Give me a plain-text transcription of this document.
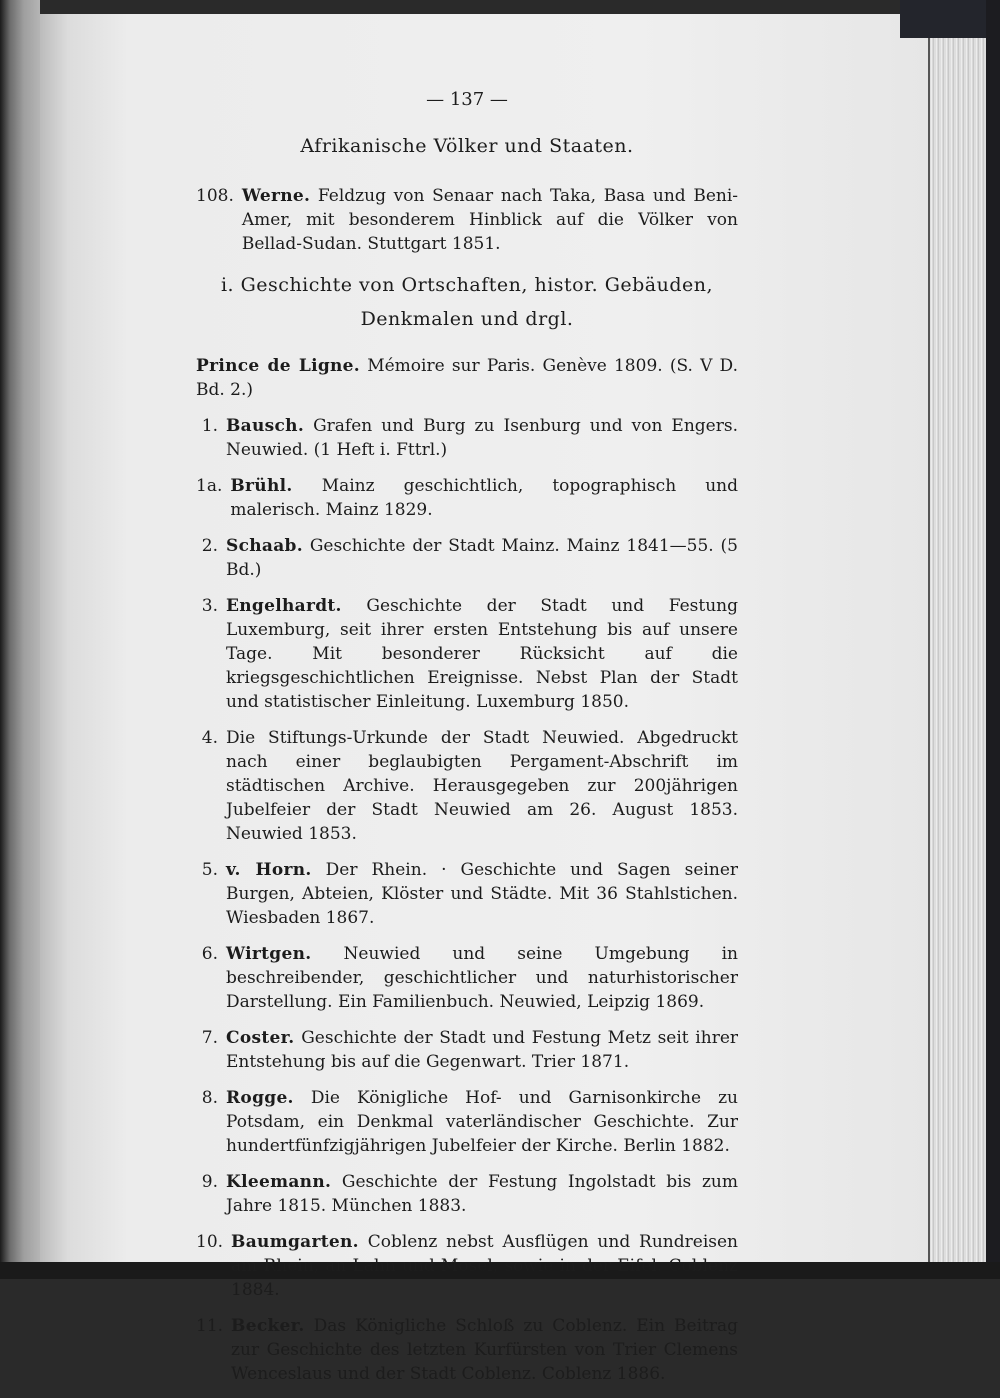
— 137 —
Afrikanische Völker und Staaten.
108. Werne. Feldzug von Senaar nach Taka, Basa und Beni-Amer, mit besonderem Hinblick auf die Völker von Bellad-Sudan. Stuttgart 1851.
i. Geschichte von Ortschaften, histor. Gebäuden, Denkmalen und drgl.
Prince de Ligne. Mémoire sur Paris. Genève 1809. (S. V D. Bd. 2.)
1. Bausch. Grafen und Burg zu Isenburg und von Engers. Neuwied. (1 Heft i. Fttrl.)
1a. Brühl. Mainz geschichtlich, topographisch und malerisch. Mainz 1829.
2. Schaab. Geschichte der Stadt Mainz. Mainz 1841—55. (5 Bd.)
3. Engelhardt. Geschichte der Stadt und Festung Luxemburg, seit ihrer ersten Entstehung bis auf unsere Tage. Mit besonderer Rücksicht auf die kriegsgeschichtlichen Ereignisse. Nebst Plan der Stadt und statistischer Einleitung. Luxemburg 1850.
4. Die Stiftungs-Urkunde der Stadt Neuwied. Abgedruckt nach einer beglaubigten Pergament-Abschrift im städtischen Archive. Herausgegeben zur 200jährigen Jubelfeier der Stadt Neuwied am 26. August 1853. Neuwied 1853.
5. v. Horn. Der Rhein. · Geschichte und Sagen seiner Burgen, Abteien, Klöster und Städte. Mit 36 Stahlstichen. Wiesbaden 1867.
6. Wirtgen. Neuwied und seine Umgebung in beschreibender, geschichtlicher und naturhistorischer Darstellung. Ein Familienbuch. Neuwied, Leipzig 1869.
7. Coster. Geschichte der Stadt und Festung Metz seit ihrer Entstehung bis auf die Gegenwart. Trier 1871.
8. Rogge. Die Königliche Hof- und Garnisonkirche zu Potsdam, ein Denkmal vaterländischer Geschichte. Zur hundertfünfzigjährigen Jubelfeier der Kirche. Berlin 1882.
9. Kleemann. Geschichte der Festung Ingolstadt bis zum Jahre 1815. München 1883.
10. Baumgarten. Coblenz nebst Ausflügen und Rundreisen am Rhein, an Lahn und Mosel, sowie in der Eifel. Coblenz 1884.
11. Becker. Das Königliche Schloß zu Coblenz. Ein Beitrag zur Geschichte des letzten Kurfürsten von Trier Clemens Wenceslaus und der Stadt Coblenz. Coblenz 1886.
